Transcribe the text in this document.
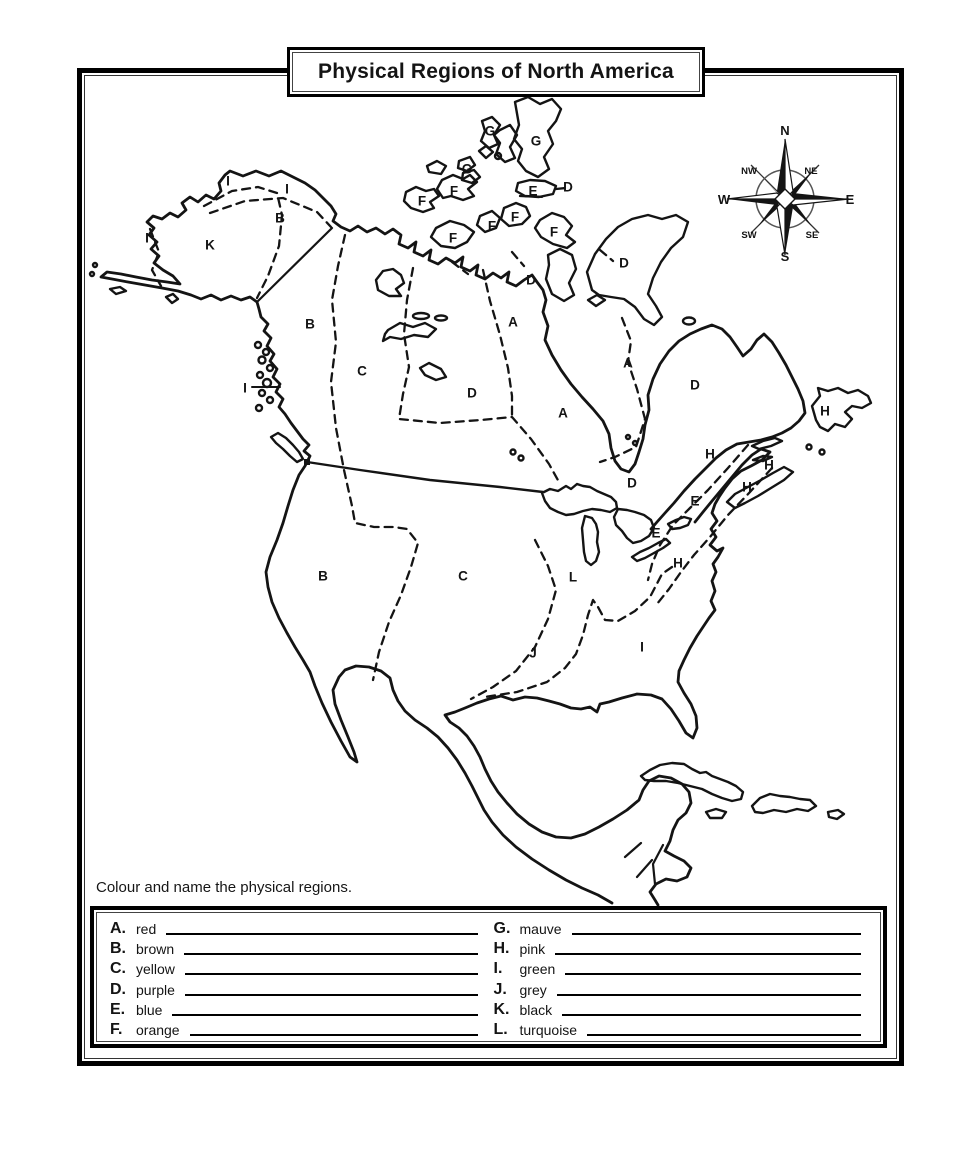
N
S
W	E
NW	NE
SW	SE
G
G
G
F
F
E D
F
F
F	F
D
I
I
B
K
I
B
I
D
A
C
D
A
A
D
H
H
H
H
D
E
E
H
B	C	L
J	I
Physical Regions of North America
Colour and name the physical regions.
A. red
B. brown
C. yellow
D. purple
E. blue
F. orange
G. mauve
H. pink
I.	green
J. grey
K. black
L. turquoise
